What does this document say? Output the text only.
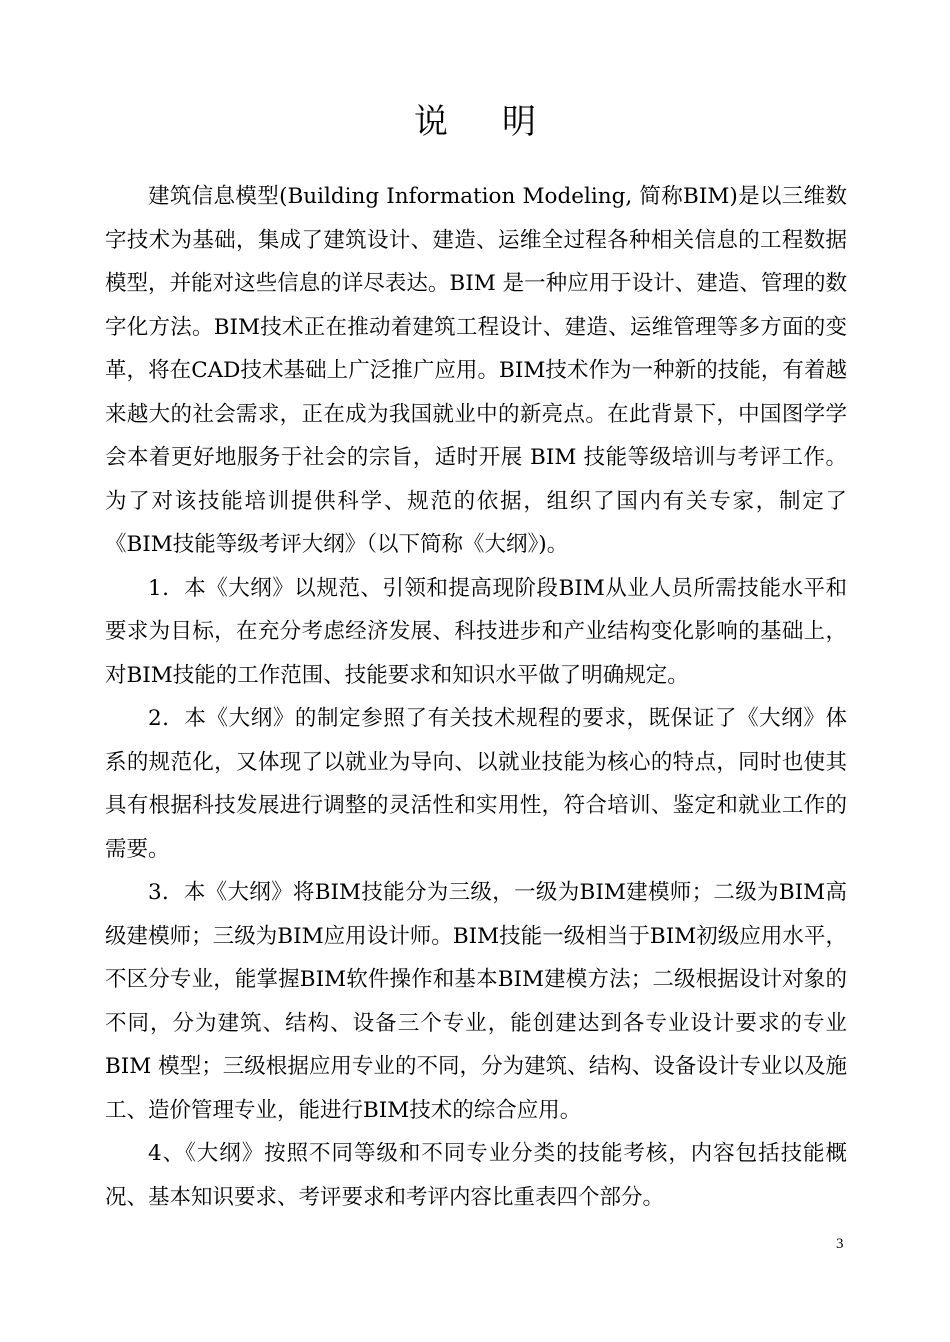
说明

建筑信息模型(Building Information Modeling, 简称BIM)是以三维数字技术为基础，集成了建筑设计、建造、运维全过程各种相关信息的工程数据模型，并能对这些信息的详尽表达。BIM 是一种应用于设计、建造、管理的数字化方法。BIM技术正在推动着建筑工程设计、建造、运维管理等多方面的变革，将在CAD技术基础上广泛推广应用。BIM技术作为一种新的技能，有着越来越大的社会需求，正在成为我国就业中的新亮点。在此背景下，中国图学学会本着更好地服务于社会的宗旨，适时开展 BIM 技能等级培训与考评工作。为了对该技能培训提供科学、规范的依据，组织了国内有关专家，制定了《BIM技能等级考评大纲》（以下简称《大纲》)。

1．本《大纲》以规范、引领和提高现阶段BIM从业人员所需技能水平和要求为目标，在充分考虑经济发展、科技进步和产业结构变化影响的基础上，对BIM技能的工作范围、技能要求和知识水平做了明确规定。

2．本《大纲》的制定参照了有关技术规程的要求，既保证了《大纲》体系的规范化，又体现了以就业为导向、以就业技能为核心的特点，同时也使其具有根据科技发展进行调整的灵活性和实用性，符合培训、鉴定和就业工作的需要。

3．本《大纲》将BIM技能分为三级，一级为BIM建模师；二级为BIM高级建模师；三级为BIM应用设计师。BIM技能一级相当于BIM初级应用水平，不区分专业，能掌握BIM软件操作和基本BIM建模方法；二级根据设计对象的不同，分为建筑、结构、设备三个专业，能创建达到各专业设计要求的专业 BIM 模型；三级根据应用专业的不同，分为建筑、结构、设备设计专业以及施工、造价管理专业，能进行BIM技术的综合应用。

4、《大纲》按照不同等级和不同专业分类的技能考核，内容包括技能概况、基本知识要求、考评要求和考评内容比重表四个部分。

3
